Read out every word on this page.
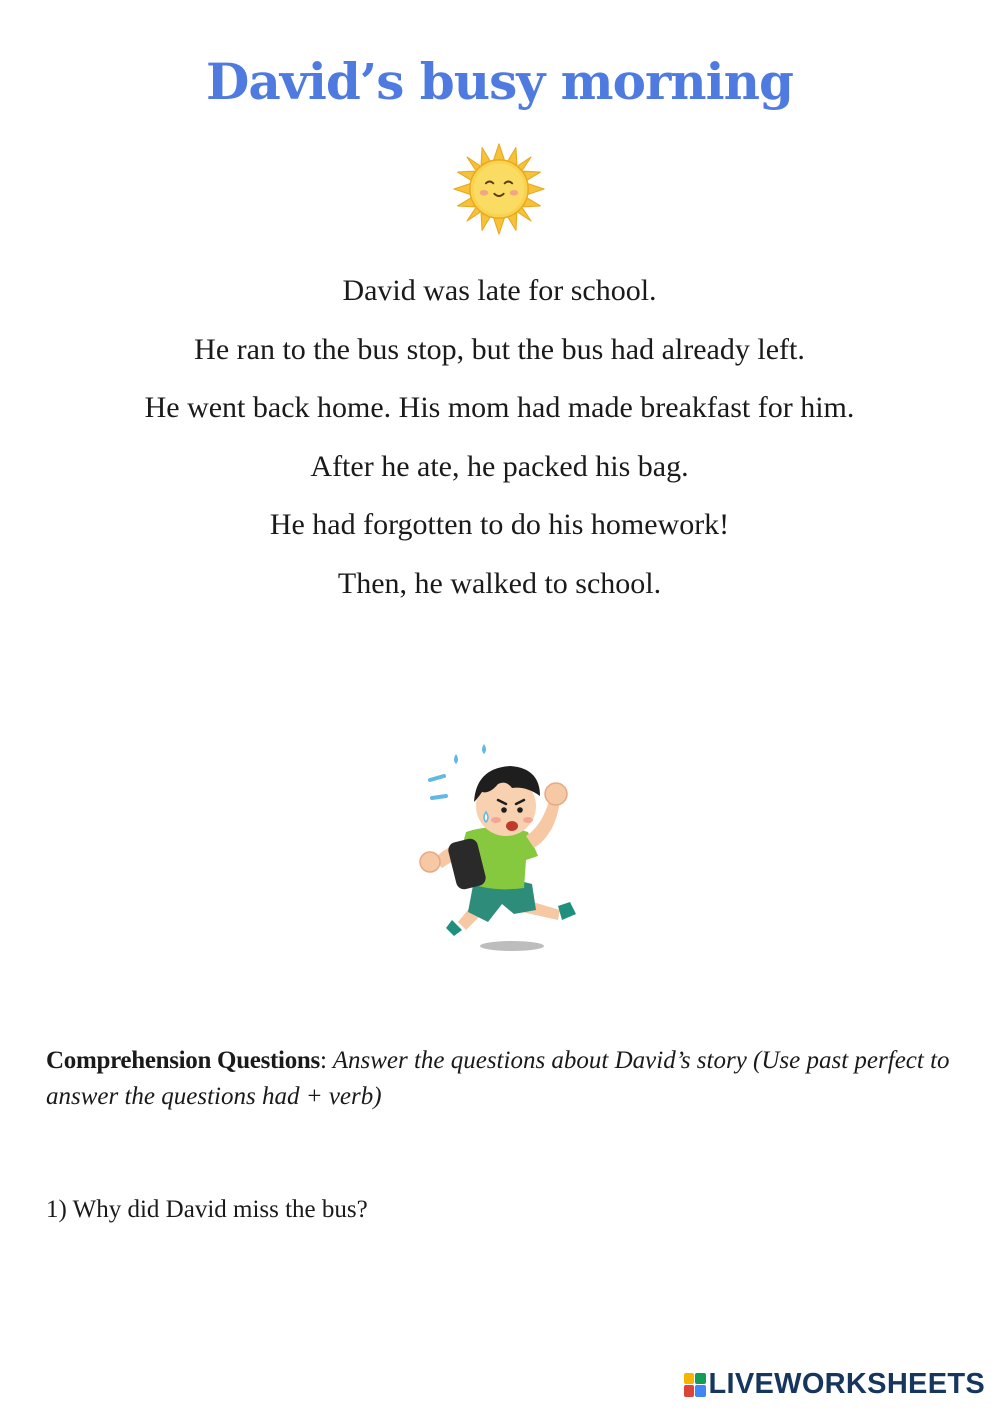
David’s busy morning
David was late for school.
He ran to the bus stop, but the bus had already left.
He went back home. His mom had made breakfast for him.
After he ate, he packed his bag.
He had forgotten to do his homework!
Then, he walked to school.

Comprehension Questions: Answer the questions about David’s story (Use past perfect to answer the questions had + verb)

1) Why did David miss the bus?

LIVEWORKSHEETS
